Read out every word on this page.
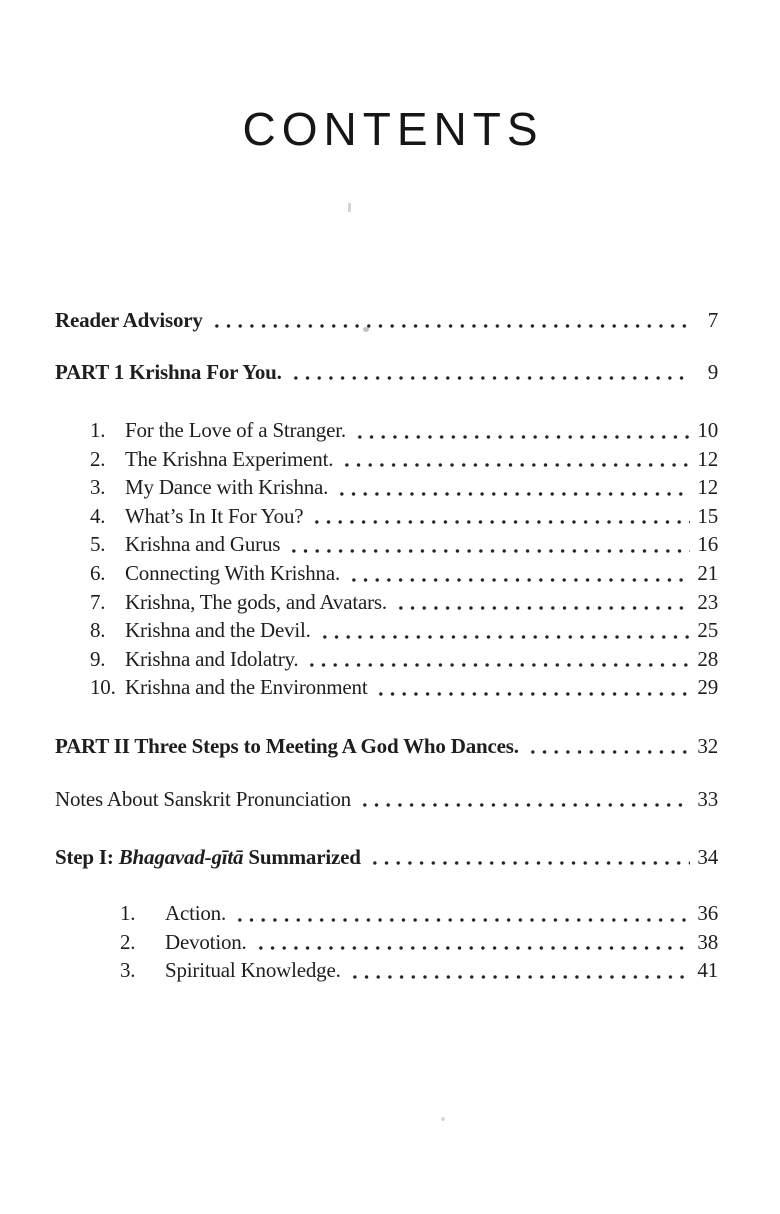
CONTENTS
Reader Advisory	7
PART 1 Krishna For You.	9
1. For the Love of a Stranger.	10
2. The Krishna Experiment.	12
3. My Dance with Krishna.	12
4. What’s In It For You?	15
5. Krishna and Gurus	16
6. Connecting With Krishna.	21
7. Krishna, The gods, and Avatars.	23
8. Krishna and the Devil.	25
9. Krishna and Idolatry.	28
10. Krishna and the Environment	29
PART II Three Steps to Meeting A God Who Dances.	32
Notes About Sanskrit Pronunciation	33
Step I: Bhagavad-gītā Summarized	34
1.	Action.	36
2.	Devotion.	38
3.	Spiritual Knowledge.	41
